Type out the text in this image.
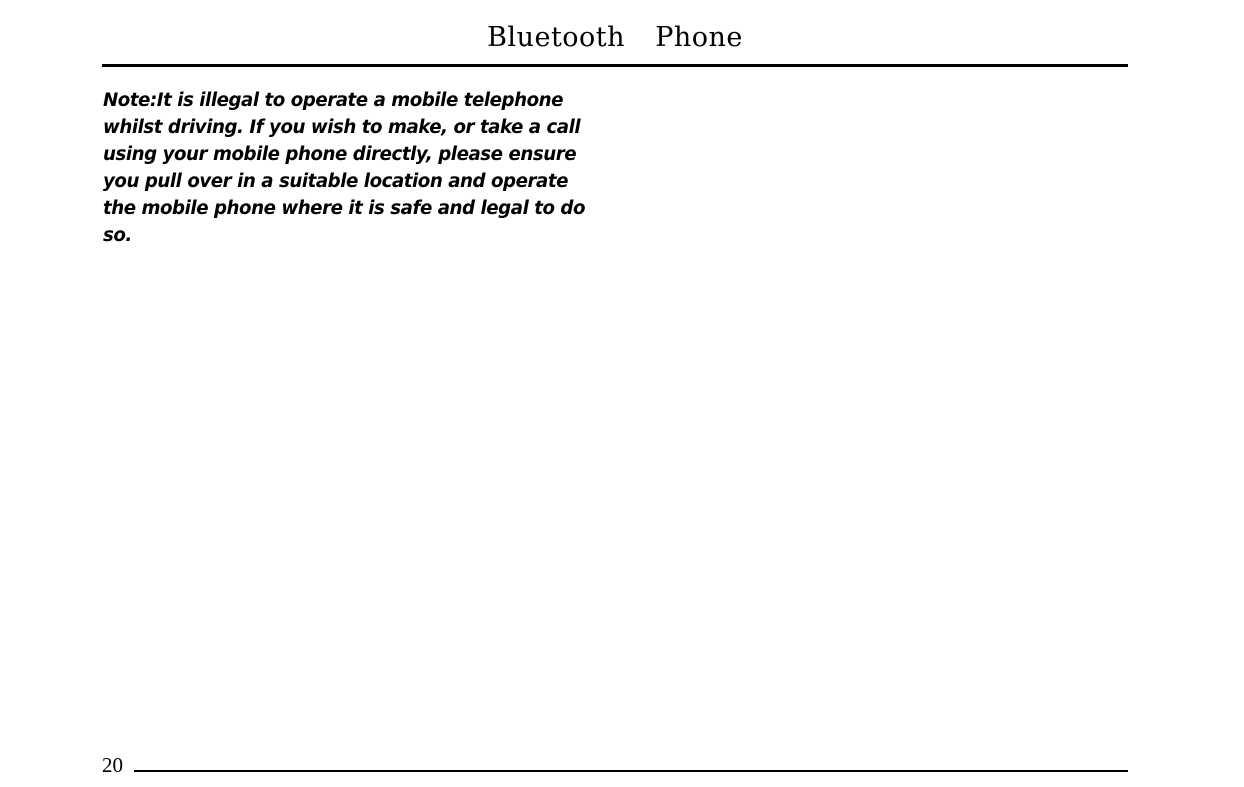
Bluetooth  Phone

Note:It is illegal to operate a mobile telephone whilst driving. If you wish to make, or take a call using your mobile phone directly, please ensure you pull over in a suitable location and operate the mobile phone where it is safe and legal to do so.

20
